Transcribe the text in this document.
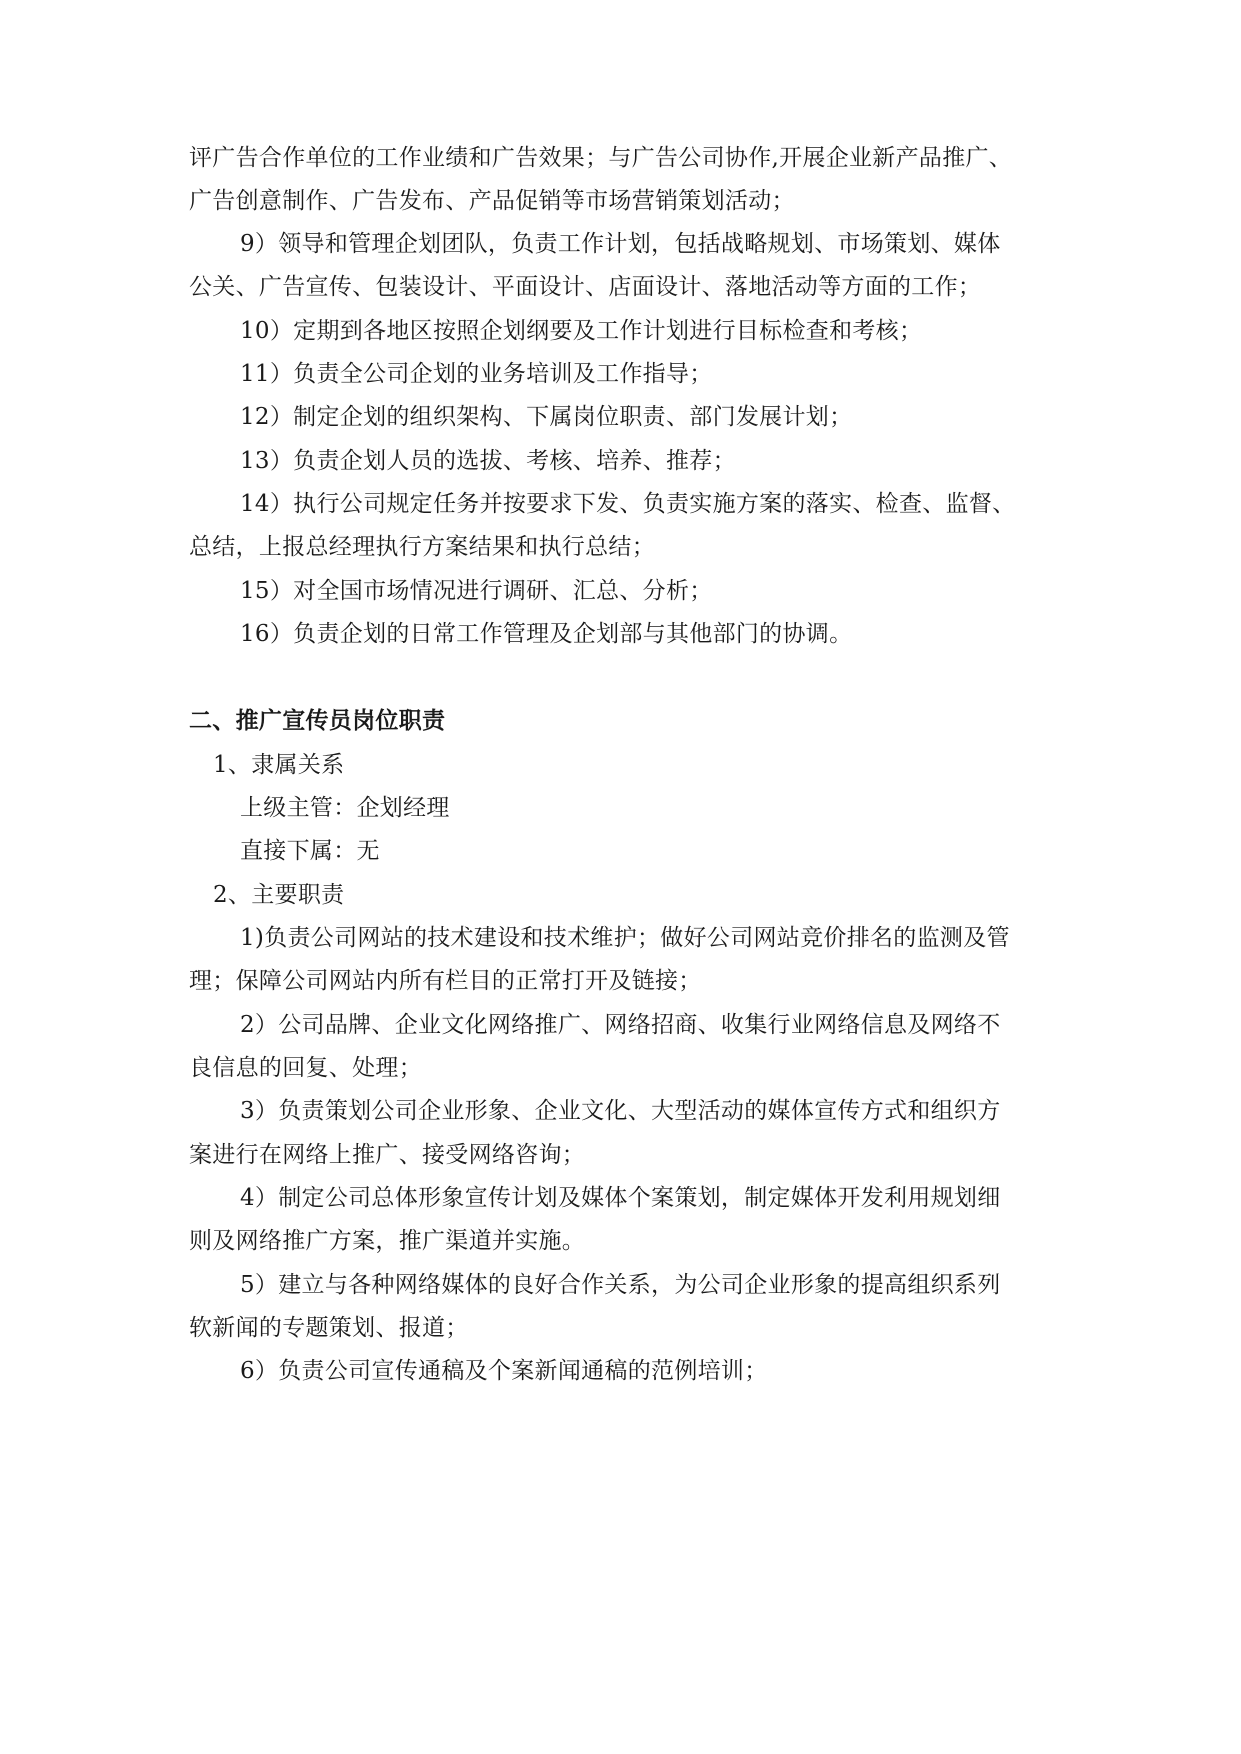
评广告合作单位的工作业绩和广告效果；与广告公司协作,开展企业新产品推广、
广告创意制作、广告发布、产品促销等市场营销策划活动；
9）领导和管理企划团队，负责工作计划，包括战略规划、市场策划、媒体
公关、广告宣传、包装设计、平面设计、店面设计、落地活动等方面的工作；
10）定期到各地区按照企划纲要及工作计划进行目标检查和考核；
11）负责全公司企划的业务培训及工作指导；
12）制定企划的组织架构、下属岗位职责、部门发展计划；
13）负责企划人员的选拔、考核、培养、推荐；
14）执行公司规定任务并按要求下发、负责实施方案的落实、检查、监督、
总结，上报总经理执行方案结果和执行总结；
15）对全国市场情况进行调研、汇总、分析；
16）负责企划的日常工作管理及企划部与其他部门的协调。
二、推广宣传员岗位职责
1、隶属关系
上级主管：企划经理
直接下属：无
2、主要职责
1)负责公司网站的技术建设和技术维护；做好公司网站竞价排名的监测及管
理；保障公司网站内所有栏目的正常打开及链接；
2）公司品牌、企业文化网络推广、网络招商、收集行业网络信息及网络不
良信息的回复、处理；
3）负责策划公司企业形象、企业文化、大型活动的媒体宣传方式和组织方
案进行在网络上推广、接受网络咨询；
4）制定公司总体形象宣传计划及媒体个案策划，制定媒体开发利用规划细
则及网络推广方案，推广渠道并实施。
5）建立与各种网络媒体的良好合作关系，为公司企业形象的提高组织系列
软新闻的专题策划、报道；
6）负责公司宣传通稿及个案新闻通稿的范例培训；
